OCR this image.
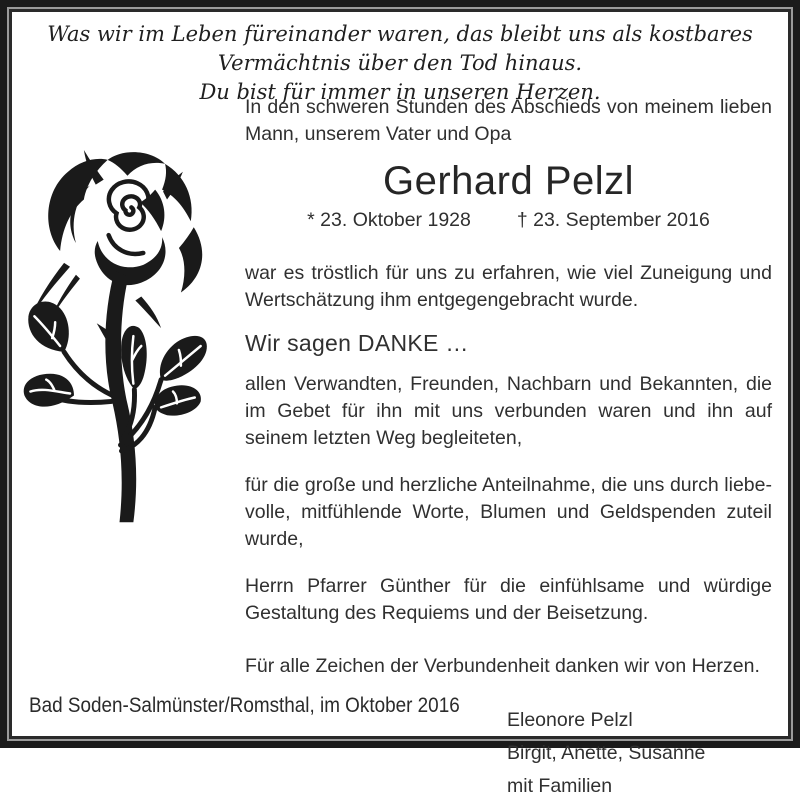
Was wir im Leben füreinander waren, das bleibt uns als kostbares Vermächtnis über den Tod hinaus.
Du bist für immer in unseren Herzen.
In den schweren Stunden des Abschieds von meinem lieben Mann, unserem Vater und Opa
Gerhard Pelzl
* 23. Oktober 1928 † 23. September 2016
war es tröstlich für uns zu erfahren, wie viel Zuneigung und Wertschätzung ihm entgegengebracht wurde.
Wir sagen DANKE …
allen Verwandten, Freunden, Nachbarn und Bekannten, die im Gebet für ihn mit uns verbunden waren und ihn auf seinem letzten Weg begleiteten,
für die große und herzliche Anteilnahme, die uns durch liebevolle, mitfühlende Worte, Blumen und Geldspenden zuteil wurde,
Herrn Pfarrer Günther für die einfühlsame und würdige Gestaltung des Requiems und der Beisetzung.
Für alle Zeichen der Verbundenheit danken wir von Herzen.
Eleonore Pelzl
Birgit, Anette, Susanne
mit Familien
Bad Soden-Salmünster/Romsthal, im Oktober 2016
